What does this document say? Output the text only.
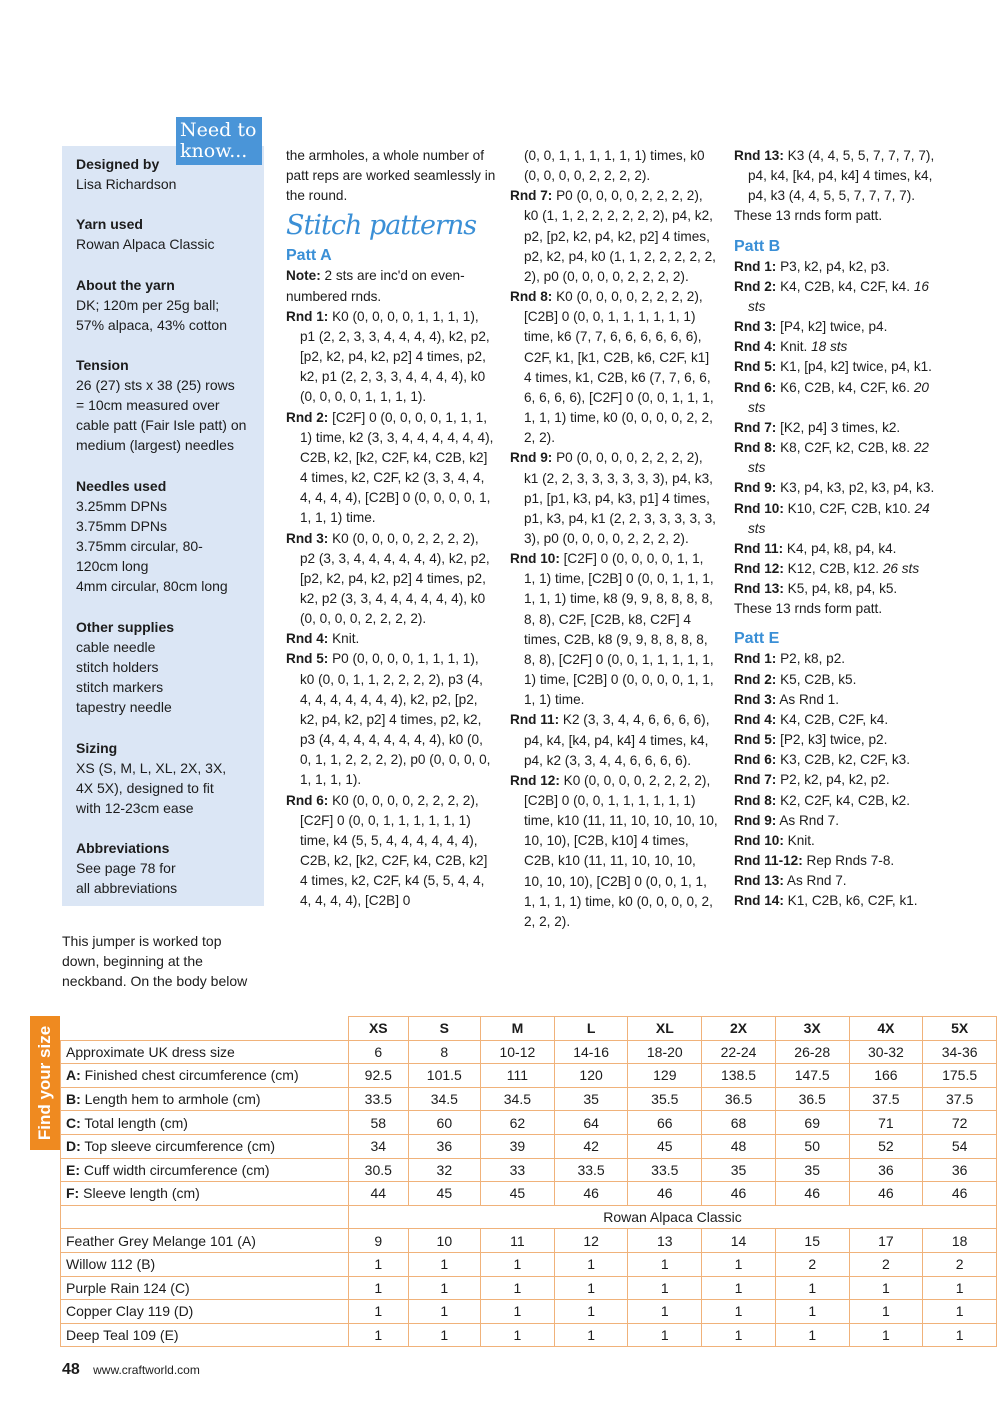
Need to know...
Designed by
Lisa Richardson
Yarn used
Rowan Alpaca Classic
About the yarn
DK; 120m per 25g ball;
57% alpaca, 43% cotton
Tension
26 (27) sts x 38 (25) rows
= 10cm measured over
cable patt (Fair Isle patt) on
medium (largest) needles
Needles used
3.25mm DPNs
3.75mm DPNs
3.75mm circular, 80-
120cm long
4mm circular, 80cm long
Other supplies
cable needle
stitch holders
stitch markers
tapestry needle
Sizing
XS (S, M, L, XL, 2X, 3X,
4X 5X), designed to fit
with 12-23cm ease
Abbreviations
See page 78 for
all abbreviations
This jumper is worked top down, beginning at the neckband. On the body below

the armholes, a whole number of patt reps are worked seamlessly in the round.

Stitch patterns

Patt A

Note: 2 sts are inc'd on even-numbered rnds.

Rnd 1: K0 (0, 0, 0, 0, 1, 1, 1, 1), p1 (2, 2, 3, 3, 4, 4, 4, 4), k2, p2, [p2, k2, p4, k2, p2] 4 times, p2, k2, p1 (2, 2, 3, 3, 4, 4, 4, 4), k0 (0, 0, 0, 0, 1, 1, 1, 1).

Rnd 2: [C2F] 0 (0, 0, 0, 0, 1, 1, 1, 1) time, k2 (3, 3, 4, 4, 4, 4, 4, 4), C2B, k2, [k2, C2F, k4, C2B, k2] 4 times, k2, C2F, k2 (3, 3, 4, 4, 4, 4, 4, 4), [C2B] 0 (0, 0, 0, 0, 1, 1, 1, 1) time.

Rnd 3: K0 (0, 0, 0, 0, 2, 2, 2, 2), p2 (3, 3, 4, 4, 4, 4, 4, 4), k2, p2, [p2, k2, p4, k2, p2] 4 times, p2, k2, p2 (3, 3, 4, 4, 4, 4, 4, 4), k0 (0, 0, 0, 0, 2, 2, 2, 2).

Rnd 4: Knit.

Rnd 5: P0 (0, 0, 0, 0, 1, 1, 1, 1), k0 (0, 0, 1, 1, 2, 2, 2, 2), p3 (4, 4, 4, 4, 4, 4, 4, 4), k2, p2, [p2, k2, p4, k2, p2] 4 times, p2, k2, p3 (4, 4, 4, 4, 4, 4, 4, 4), k0 (0, 0, 1, 1, 2, 2, 2, 2), p0 (0, 0, 0, 0, 1, 1, 1, 1).

Rnd 6: K0 (0, 0, 0, 0, 2, 2, 2, 2), [C2F] 0 (0, 0, 1, 1, 1, 1, 1, 1) time, k4 (5, 5, 4, 4, 4, 4, 4, 4), C2B, k2, [k2, C2F, k4, C2B, k2] 4 times, k2, C2F, k4 (5, 5, 4, 4, 4, 4, 4, 4), [C2B] 0

(0, 0, 1, 1, 1, 1, 1, 1) times, k0 (0, 0, 0, 0, 2, 2, 2, 2).

Rnd 7: P0 (0, 0, 0, 0, 2, 2, 2, 2), k0 (1, 1, 2, 2, 2, 2, 2, 2), p4, k2, p2, [p2, k2, p4, k2, p2] 4 times, p2, k2, p4, k0 (1, 1, 2, 2, 2, 2, 2, 2), p0 (0, 0, 0, 0, 2, 2, 2, 2).

Rnd 8: K0 (0, 0, 0, 0, 2, 2, 2, 2), [C2B] 0 (0, 0, 1, 1, 1, 1, 1, 1) time, k6 (7, 7, 6, 6, 6, 6, 6, 6), C2F, k1, [k1, C2B, k6, C2F, k1] 4 times, k1, C2B, k6 (7, 7, 6, 6, 6, 6, 6, 6), [C2F] 0 (0, 0, 1, 1, 1, 1, 1, 1) time, k0 (0, 0, 0, 0, 2, 2, 2, 2).

Rnd 9: P0 (0, 0, 0, 0, 2, 2, 2, 2), k1 (2, 2, 3, 3, 3, 3, 3, 3), p4, k3, p1, [p1, k3, p4, k3, p1] 4 times, p1, k3, p4, k1 (2, 2, 3, 3, 3, 3, 3, 3), p0 (0, 0, 0, 0, 2, 2, 2, 2).

Rnd 10: [C2F] 0 (0, 0, 0, 0, 1, 1, 1, 1) time, [C2B] 0 (0, 0, 1, 1, 1, 1, 1, 1) time, k8 (9, 9, 8, 8, 8, 8, 8, 8), C2F, [C2B, k8, C2F] 4 times, C2B, k8 (9, 9, 8, 8, 8, 8, 8, 8), [C2F] 0 (0, 0, 1, 1, 1, 1, 1, 1) time, [C2B] 0 (0, 0, 0, 0, 1, 1, 1, 1) time.

Rnd 11: K2 (3, 3, 4, 4, 6, 6, 6, 6), p4, k4, [k4, p4, k4] 4 times, k4, p4, k2 (3, 3, 4, 4, 6, 6, 6, 6).

Rnd 12: K0 (0, 0, 0, 0, 2, 2, 2, 2), [C2B] 0 (0, 0, 1, 1, 1, 1, 1, 1) time, k10 (11, 11, 10, 10, 10, 10, 10, 10), [C2B, k10] 4 times, C2B, k10 (11, 11, 10, 10, 10, 10, 10, 10), [C2B] 0 (0, 0, 1, 1, 1, 1, 1, 1) time, k0 (0, 0, 0, 0, 2, 2, 2, 2).

Rnd 13: K3 (4, 4, 5, 5, 7, 7, 7, 7), p4, k4, [k4, p4, k4] 4 times, k4, p4, k3 (4, 4, 5, 5, 7, 7, 7, 7).

These 13 rnds form patt.

Patt B

Rnd 1: P3, k2, p4, k2, p3.

Rnd 2: K4, C2B, k4, C2F, k4. 16 sts

Rnd 3: [P4, k2] twice, p4.

Rnd 4: Knit. 18 sts

Rnd 5: K1, [p4, k2] twice, p4, k1.

Rnd 6: K6, C2B, k4, C2F, k6. 20 sts

Rnd 7: [K2, p4] 3 times, k2.

Rnd 8: K8, C2F, k2, C2B, k8. 22 sts

Rnd 9: K3, p4, k3, p2, k3, p4, k3.

Rnd 10: K10, C2F, C2B, k10. 24 sts

Rnd 11: K4, p4, k8, p4, k4.

Rnd 12: K12, C2B, k12. 26 sts

Rnd 13: K5, p4, k8, p4, k5.

These 13 rnds form patt.

Patt E

Rnd 1: P2, k8, p2.

Rnd 2: K5, C2B, k5.

Rnd 3: As Rnd 1.

Rnd 4: K4, C2B, C2F, k4.

Rnd 5: [P2, k3] twice, p2.

Rnd 6: K3, C2B, k2, C2F, k3.

Rnd 7: P2, k2, p4, k2, p2.

Rnd 8: K2, C2F, k4, C2B, k2.

Rnd 9: As Rnd 7.

Rnd 10: Knit.

Rnd 11-12: Rep Rnds 7-8.

Rnd 13: As Rnd 7.

Rnd 14: K1, C2B, k6, C2F, k1.

Find your size
		XS	S	M	L	XL	2X	3X	4X	5X
Approximate UK dress size	6	8	10-12	14-16	18-20	22-24	26-28	30-32	34-36
A: Finished chest circumference (cm)	92.5	101.5	111	120	129	138.5	147.5	166	175.5
B: Length hem to armhole (cm)	33.5	34.5	34.5	35	35.5	36.5	36.5	37.5	37.5
C: Total length (cm)	58	60	62	64	66	68	69	71	72
D: Top sleeve circumference (cm)	34	36	39	42	45	48	50	52	54
E: Cuff width circumference (cm)	30.5	32	33	33.5	33.5	35	35	36	36
F: Sleeve length (cm)	44	45	45	46	46	46	46	46	46
	Rowan Alpaca Classic								
Feather Grey Melange 101 (A)	9	10	11	12	13	14	15	17	18
Willow 112 (B)	1	1	1	1	1	1	2	2	2
Purple Rain 124 (C)	1	1	1	1	1	1	1	1	1
Copper Clay 119 (D)	1	1	1	1	1	1	1	1	1
Deep Teal 109 (E)	1	1	1	1	1	1	1	1	1
48 www.craftworld.com
